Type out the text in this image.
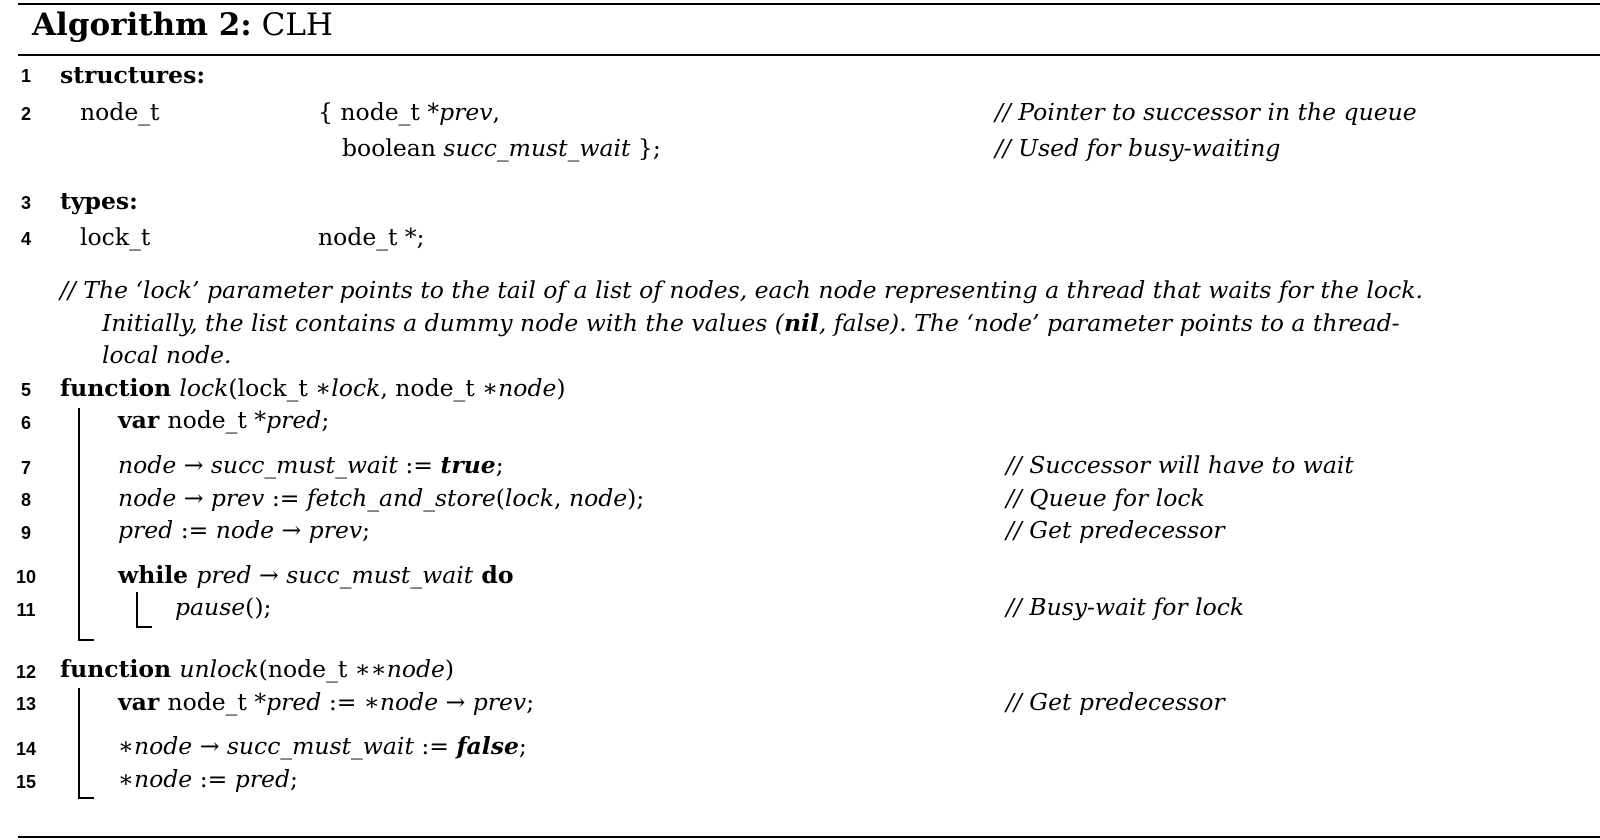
Algorithm 2: CLH
1	structures:
2	node_t	{ node_t *prev,	// Pointer to successor in the queue
boolean succ_must_wait };	// Used for busy-waiting
3	types:
4	lock_t	node_t *;
// The ‘lock’ parameter points to the tail of a list of nodes, each node representing a thread that waits for the lock.
Initially, the list contains a dummy node with the values (nil, false). The ‘node’ parameter points to a thread-
local node.
5	function lock(lock_t ∗lock, node_t ∗node)
6	var node_t *pred;
7	node → succ_must_wait := true;	// Successor will have to wait
8	node → prev := fetch_and_store(lock, node);	// Queue for lock
9	pred := node → prev;	// Get predecessor
10	while pred → succ_must_wait do
11	pause();	// Busy-wait for lock
12	function unlock(node_t ∗∗node)
13	var node_t *pred := ∗node → prev;	// Get predecessor
14	∗node → succ_must_wait := false;
15	∗node := pred;
